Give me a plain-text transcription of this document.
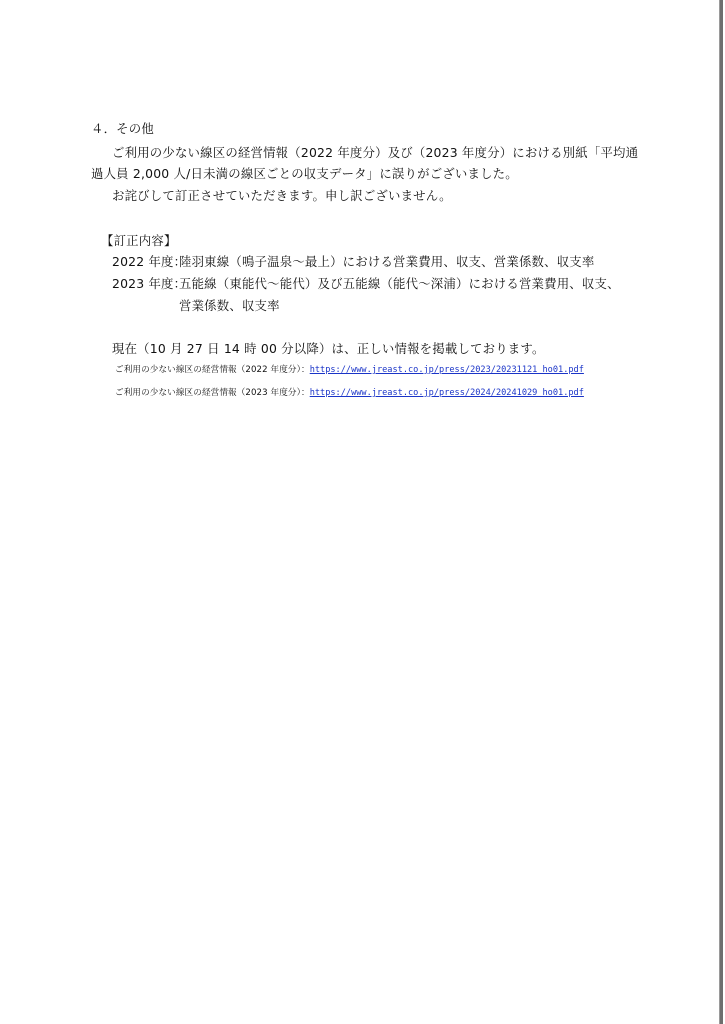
４．その他
ご利用の少ない線区の経営情報（2022 年度分）及び（2023 年度分）における別紙「平均通
過人員 2,000 人/日未満の線区ごとの収支データ」に誤りがございました。
お詫びして訂正させていただきます。申し訳ございません。
【訂正内容】
2022 年度：陸羽東線（鳴子温泉～最上）における営業費用、収支、営業係数、収支率
2023 年度：五能線（東能代～能代）及び五能線（能代～深浦）における営業費用、収支、
営業係数、収支率
現在（10 月 27 日 14 時 00 分以降）は、正しい情報を掲載しております。
ご利用の少ない線区の経営情報（2022 年度分）：https://www.jreast.co.jp/press/2023/20231121_ho01.pdf
ご利用の少ない線区の経営情報（2023 年度分）：https://www.jreast.co.jp/press/2024/20241029_ho01.pdf
